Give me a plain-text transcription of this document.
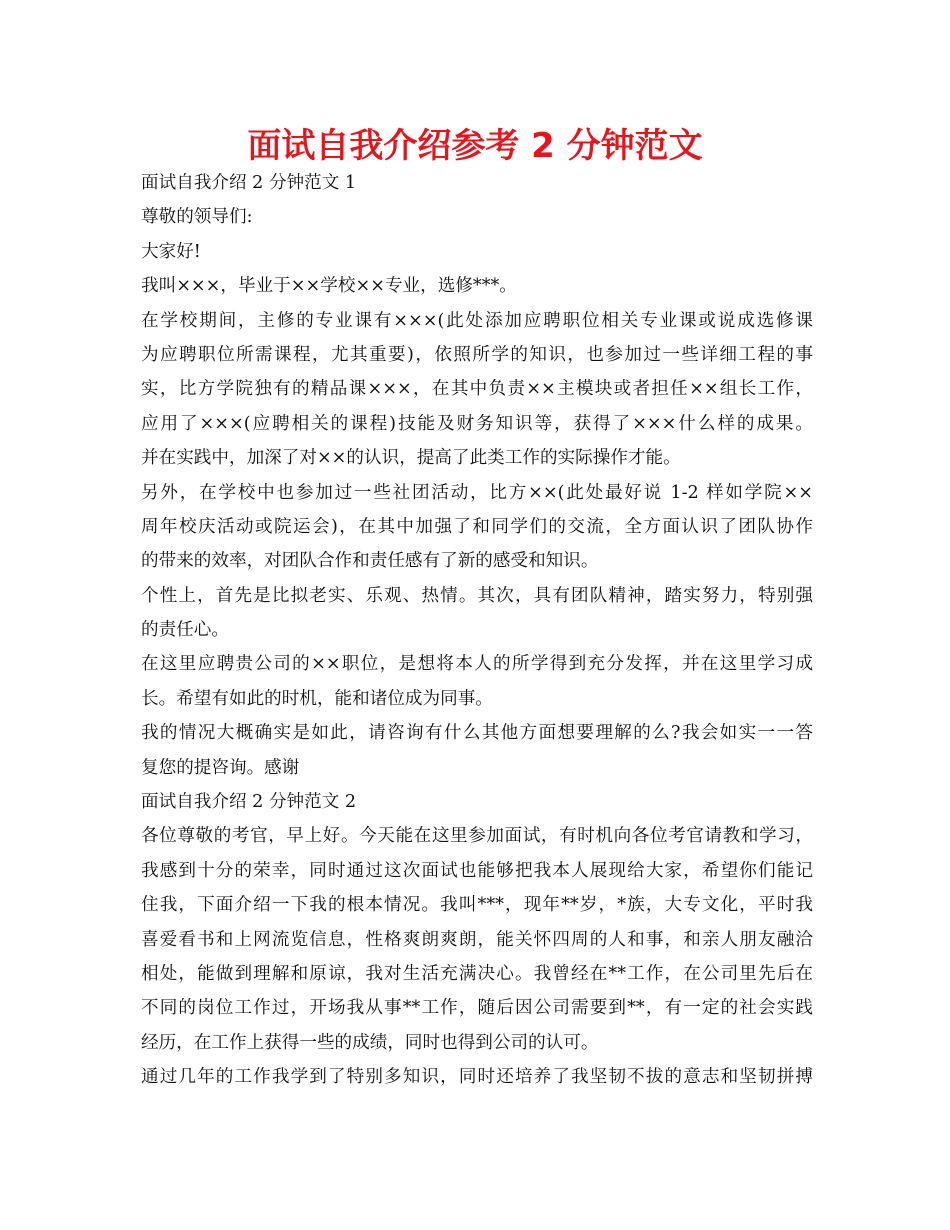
面试自我介绍参考 2 分钟范文
面试自我介绍 2 分钟范文 1
尊敬的领导们:
大家好!
我叫×××，毕业于××学校××专业，选修***。
在学校期间，主修的专业课有×××(此处添加应聘职位相关专业课或说成选修课
为应聘职位所需课程，尤其重要)，依照所学的知识，也参加过一些详细工程的事
实，比方学院独有的精品课×××，在其中负责××主模块或者担任××组长工作，
应用了×××(应聘相关的课程)技能及财务知识等，获得了×××什么样的成果。
并在实践中，加深了对××的认识，提高了此类工作的实际操作才能。
另外，在学校中也参加过一些社团活动，比方××(此处最好说 1-2 样如学院××
周年校庆活动或院运会)，在其中加强了和同学们的交流，全方面认识了团队协作
的带来的效率，对团队合作和责任感有了新的感受和知识。
个性上，首先是比拟老实、乐观、热情。其次，具有团队精神，踏实努力，特别强
的责任心。
在这里应聘贵公司的××职位，是想将本人的所学得到充分发挥，并在这里学习成
长。希望有如此的时机，能和诸位成为同事。
我的情况大概确实是如此，请咨询有什么其他方面想要理解的么?我会如实一一答
复您的提咨询。感谢
面试自我介绍 2 分钟范文 2
各位尊敬的考官，早上好。今天能在这里参加面试，有时机向各位考官请教和学习，
我感到十分的荣幸，同时通过这次面试也能够把我本人展现给大家，希望你们能记
住我，下面介绍一下我的根本情况。我叫***，现年**岁，*族，大专文化，平时我
喜爱看书和上网流览信息，性格爽朗爽朗，能关怀四周的人和事，和亲人朋友融洽
相处，能做到理解和原谅，我对生活充满决心。我曾经在**工作，在公司里先后在
不同的岗位工作过，开场我从事**工作，随后因公司需要到**，有一定的社会实践
经历，在工作上获得一些的成绩，同时也得到公司的认可。
通过几年的工作我学到了特别多知识，同时还培养了我坚韧不拔的意志和坚韧拼搏
